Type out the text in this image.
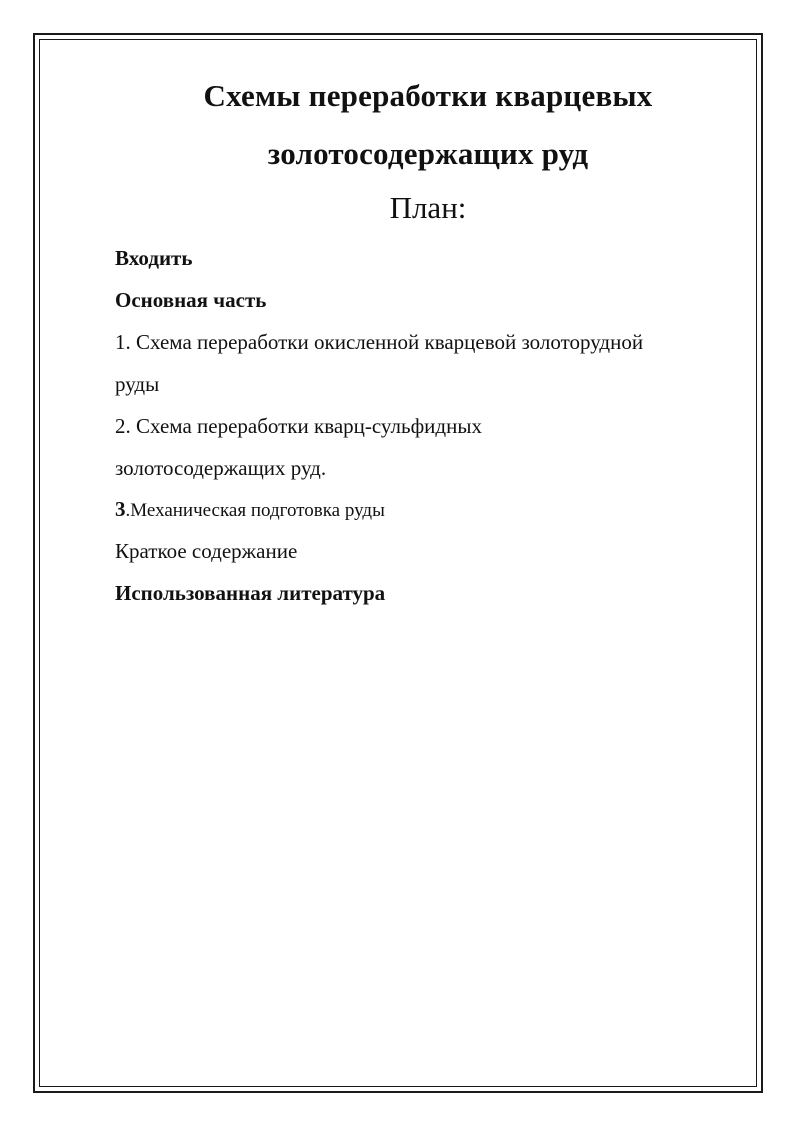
Схемы переработки кварцевых
золотосодержащих руд
План:
Входить
Основная часть
1. Схема переработки окисленной кварцевой золоторудной
руды
2. Схема переработки кварц-сульфидных
золотосодержащих руд.
3.Механическая подготовка руды
Краткое содержание
Использованная литература
